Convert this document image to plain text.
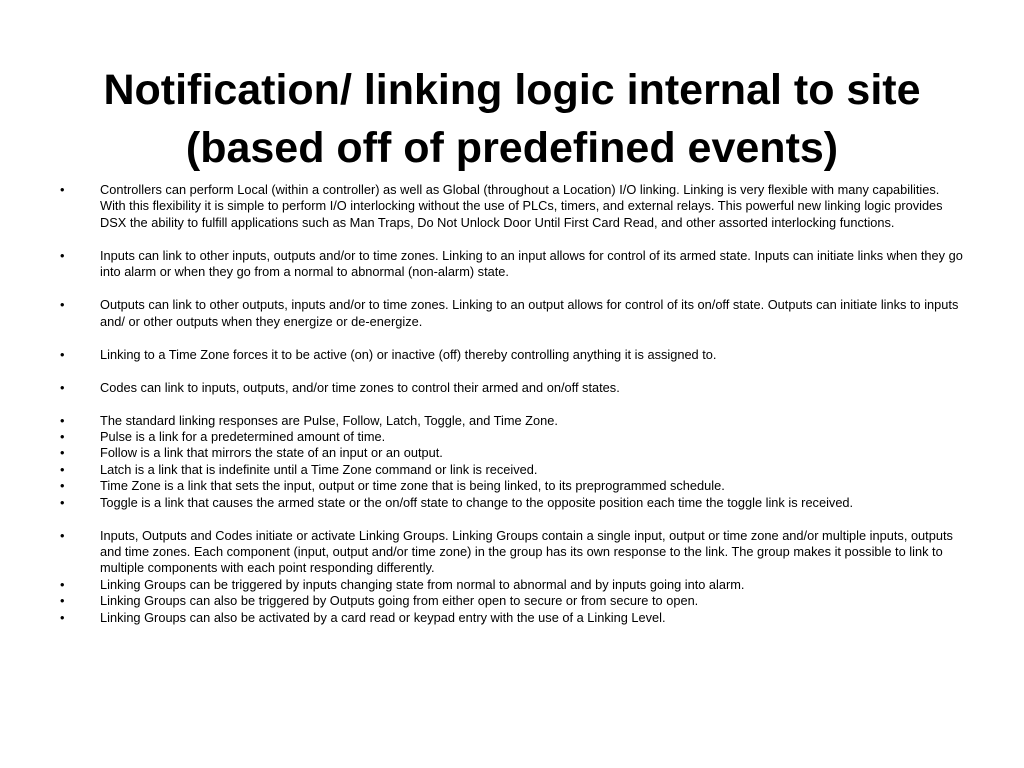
Notification/ linking logic internal to site (based off of predefined events)
• Controllers can perform Local (within a controller) as well as Global (throughout a Location) I/O linking. Linking is very flexible with many capabilities. With this flexibility it is simple to perform I/O interlocking without the use of PLCs, timers, and external relays. This powerful new linking logic provides DSX the ability to fulfill applications such as Man Traps, Do Not Unlock Door Until First Card Read, and other assorted interlocking functions.
• Inputs can link to other inputs, outputs and/or to time zones. Linking to an input allows for control of its armed state. Inputs can initiate links when they go into alarm or when they go from a normal to abnormal (non-alarm) state.
• Outputs can link to other outputs, inputs and/or to time zones. Linking to an output allows for control of its on/off state. Outputs can initiate links to inputs and/ or other outputs when they energize or de-energize.
• Linking to a Time Zone forces it to be active (on) or inactive (off) thereby controlling anything it is assigned to.
• Codes can link to inputs, outputs, and/or time zones to control their armed and on/off states.
• The standard linking responses are Pulse, Follow, Latch, Toggle, and Time Zone.
• Pulse is a link for a predetermined amount of time.
• Follow is a link that mirrors the state of an input or an output.
• Latch is a link that is indefinite until a Time Zone command or link is received.
• Time Zone is a link that sets the input, output or time zone that is being linked, to its preprogrammed schedule.
• Toggle is a link that causes the armed state or the on/off state to change to the opposite position each time the toggle link is received.
• Inputs, Outputs and Codes initiate or activate Linking Groups. Linking Groups contain a single input, output or time zone and/or multiple inputs, outputs and time zones. Each component (input, output and/or time zone) in the group has its own response to the link. The group makes it possible to link to multiple components with each point responding differently.
• Linking Groups can be triggered by inputs changing state from normal to abnormal and by inputs going into alarm.
• Linking Groups can also be triggered by Outputs going from either open to secure or from secure to open.
• Linking Groups can also be activated by a card read or keypad entry with the use of a Linking Level.
